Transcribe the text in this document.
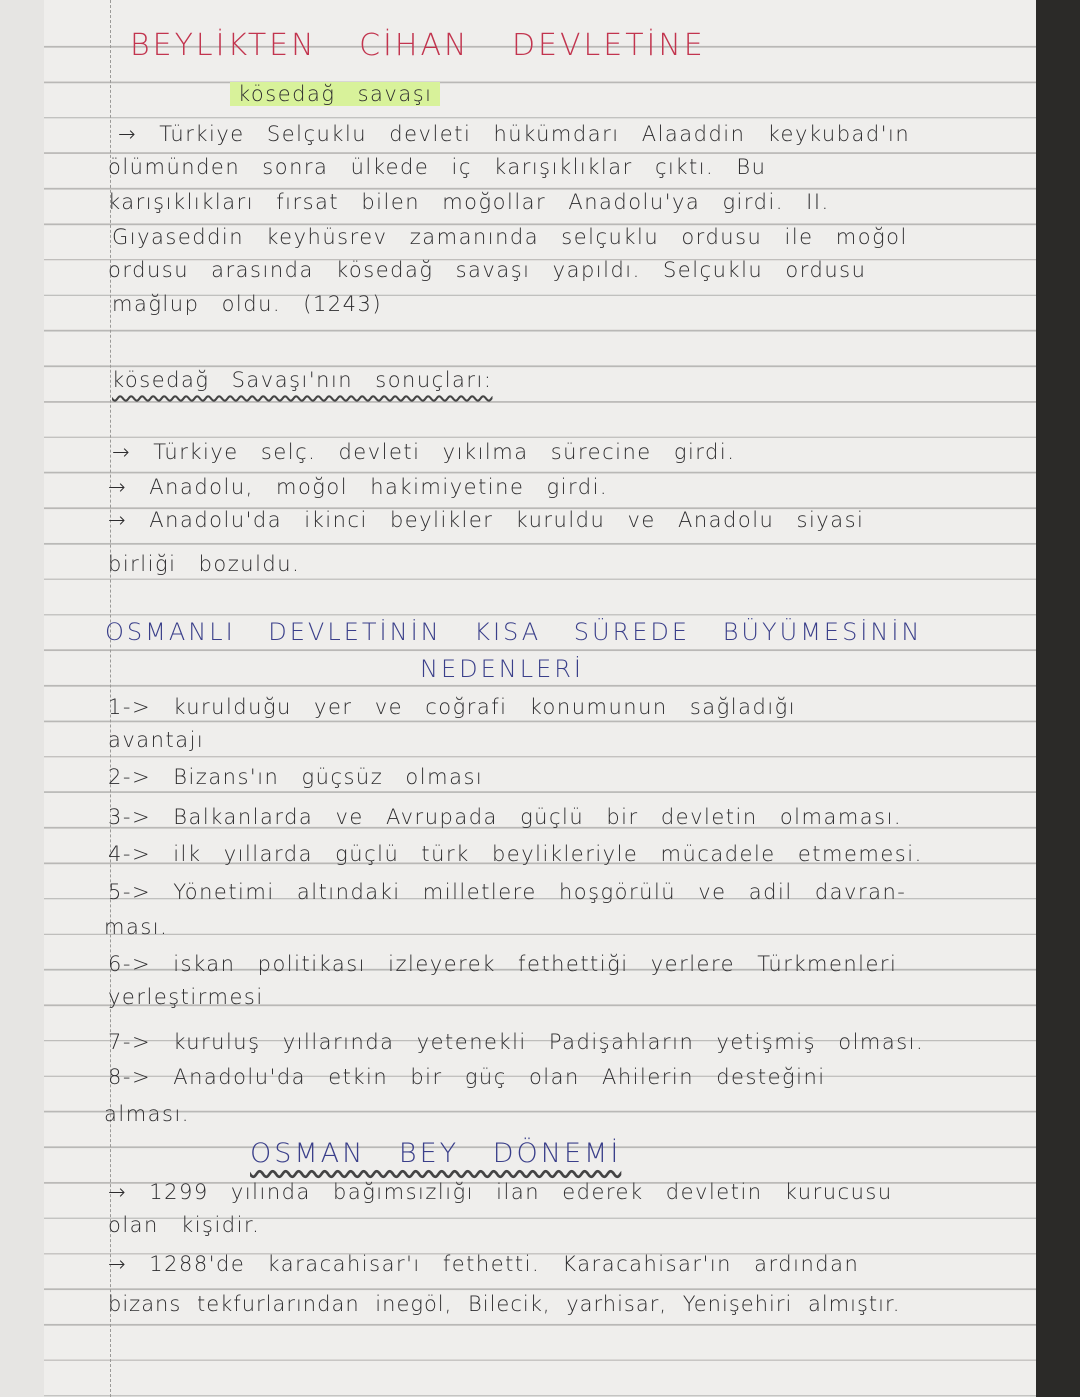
BEYLİKTEN CİHAN DEVLETİNE
kösedağ savaşı
→ Türkiye Selçuklu devleti hükümdarı Alaaddin keykubad'ın
ölümünden sonra ülkede iç karışıklıklar çıktı. Bu
karışıklıkları fırsat bilen moğollar Anadolu'ya girdi. II.
Gıyaseddin keyhüsrev zamanında selçuklu ordusu ile moğol
ordusu arasında kösedağ savaşı yapıldı. Selçuklu ordusu
mağlup oldu. (1243)
kösedağ Savaşı'nın sonuçları:
→ Türkiye selç. devleti yıkılma sürecine girdi.
→ Anadolu, moğol hakimiyetine girdi.
→ Anadolu'da ikinci beylikler kuruldu ve Anadolu siyasi
birliği bozuldu.
OSMANLI DEVLETİNİN KISA SÜREDE BÜYÜMESİNİN
NEDENLERİ
1-> kurulduğu yer ve coğrafi konumunun sağladığı
avantajı
2-> Bizans'ın güçsüz olması
3-> Balkanlarda ve Avrupada güçlü bir devletin olmaması.
4-> ilk yıllarda güçlü türk beylikleriyle mücadele etmemesi.
5-> Yönetimi altındaki milletlere hoşgörülü ve adil davran-
ması.
6-> iskan politikası izleyerek fethettiği yerlere Türkmenleri
yerleştirmesi
7-> kuruluş yıllarında yetenekli Padişahların yetişmiş olması.
8-> Anadolu'da etkin bir güç olan Ahilerin desteğini
alması.
OSMAN BEY DÖNEMİ
→ 1299 yılında bağımsızlığı ilan ederek devletin kurucusu
olan kişidir.
→ 1288'de karacahisar'ı fethetti. Karacahisar'ın ardından
bizans tekfurlarından inegöl, Bilecik, yarhisar, Yenişehiri almıştır.
